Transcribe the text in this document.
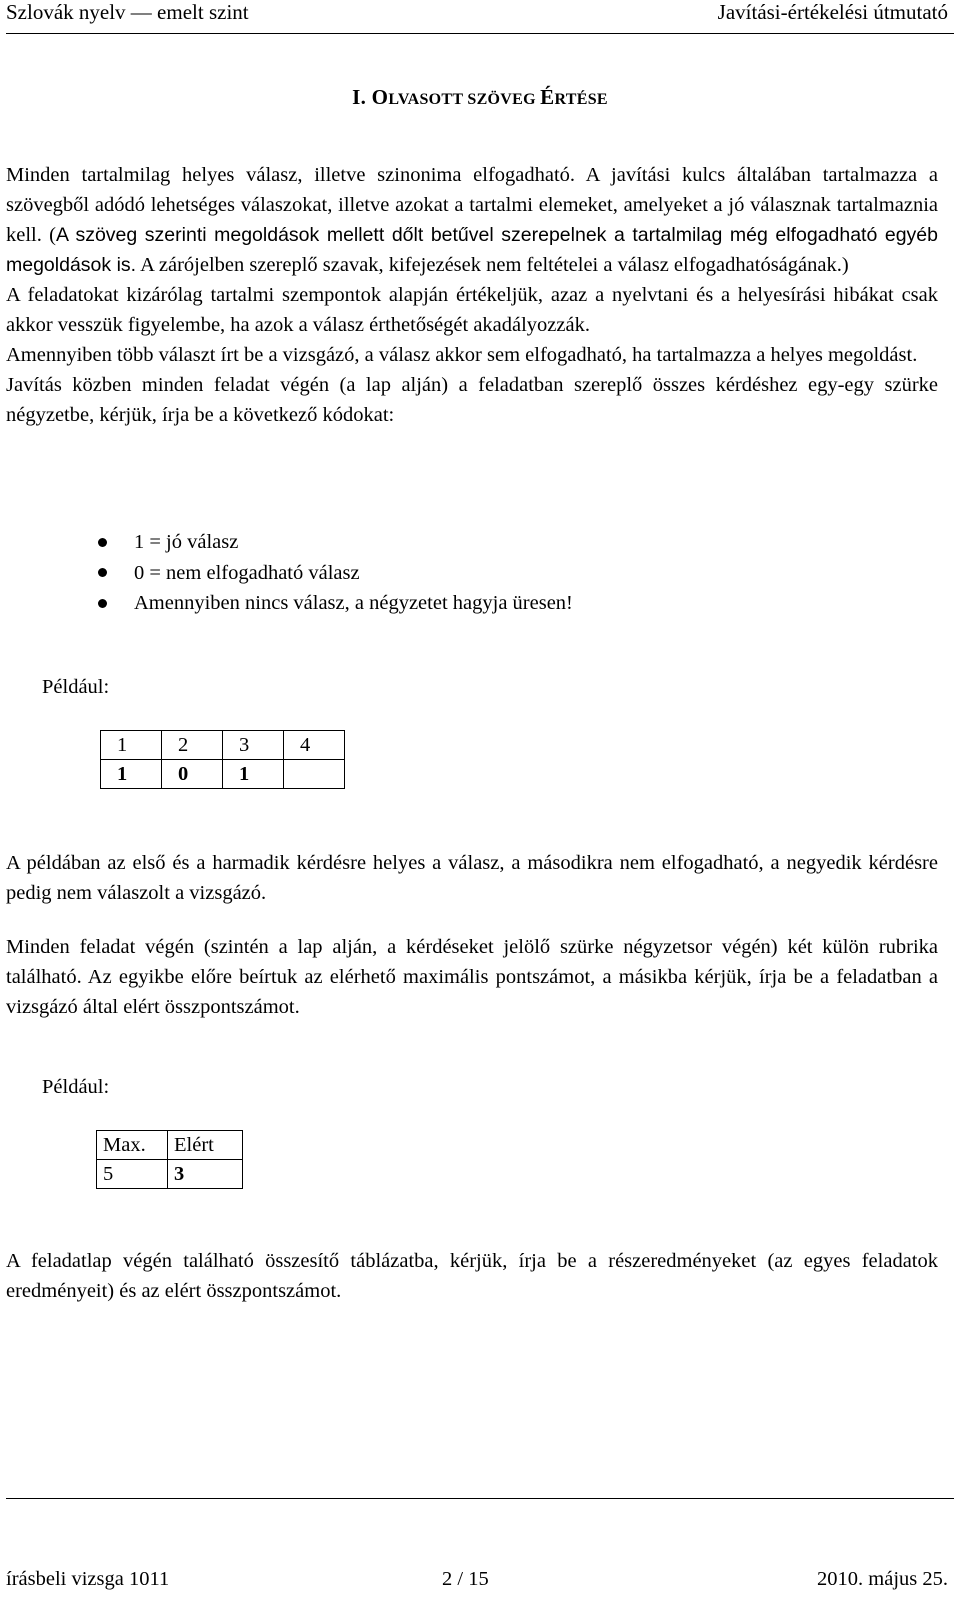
Szlovák nyelv — emelt szint	Javítási-értékelési útmutató
I. OLVASOTT SZÖVEG ÉRTÉSE

Minden tartalmilag helyes válasz, illetve szinonima elfogadható. A javítási kulcs általában tartalmazza a szövegből adódó lehetséges válaszokat, illetve azokat a tartalmi elemeket, amelyeket a jó válasznak tartalmaznia kell. (A szöveg szerinti megoldások mellett dőlt betűvel szerepelnek a tartalmilag még elfogadható egyéb megoldások is. A zárójelben szereplő szavak, kifejezések nem feltételei a válasz elfogadhatóságának.)

A feladatokat kizárólag tartalmi szempontok alapján értékeljük, azaz a nyelvtani és a helyesírási hibákat csak akkor vesszük figyelembe, ha azok a válasz érthetőségét akadályozzák.

Amennyiben több választ írt be a vizsgázó, a válasz akkor sem elfogadható, ha tartalmazza a helyes megoldást.

Javítás közben minden feladat végén (a lap alján) a feladatban szereplő összes kérdéshez egy-egy szürke négyzetbe, kérjük, írja be a következő kódokat:

1 = jó válasz
0 = nem elfogadható válasz
Amennyiben nincs válasz, a négyzetet hagyja üresen!
Például:
1	2	3	4
1	0	1	
A példában az első és a harmadik kérdésre helyes a válasz, a másodikra nem elfogadható, a negyedik kérdésre pedig nem válaszolt a vizsgázó.
Minden feladat végén (szintén a lap alján, a kérdéseket jelölő szürke négyzetsor végén) két külön rubrika található. Az egyikbe előre beírtuk az elérhető maximális pontszámot, a másikba kérjük, írja be a feladatban a vizsgázó által elért összpontszámot.
Például:
Max.	Elért
5	3
A feladatlap végén található összesítő táblázatba, kérjük, írja be a részeredményeket (az egyes feladatok eredményeit) és az elért összpontszámot.
írásbeli vizsga 1011	2 / 15	2010. május 25.
